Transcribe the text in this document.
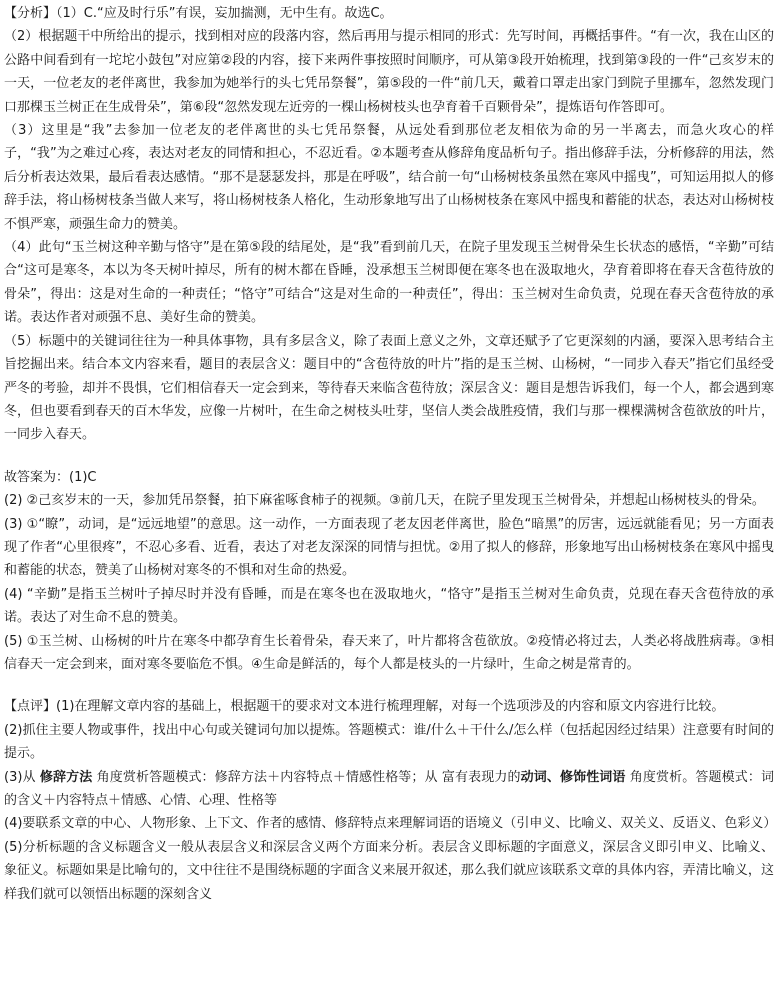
【分析】（1）C.“应及时行乐”有误，妄加揣测，无中生有。故选C。

（2）根据题干中所给出的提示，找到相对应的段落内容，然后再用与提示相同的形式：先写时间，再概括事件。“有一次，我在山区的公路中间看到有一坨坨小鼓包”对应第②段的内容，接下来两件事按照时间顺序，可从第③段开始梳理，找到第③段的一件“己亥岁末的一天，一位老友的老伴离世，我参加为她举行的头七凭吊祭餐”，第⑤段的一件“前几天，戴着口罩走出家门到院子里挪车，忽然发现门口那棵玉兰树正在生成骨朵”，第⑥段“忽然发现左近旁的一棵山杨树枝头也孕育着千百颗骨朵”，提炼语句作答即可。

（3）这里是“我”去参加一位老友的老伴离世的头七凭吊祭餐，从远处看到那位老友相依为命的另一半离去，而急火攻心的样子，“我”为之难过心疼，表达对老友的同情和担心，不忍近看。②本题考查从修辞角度品析句子。指出修辞手法，分析修辞的用法，然后分析表达效果，最后看表达感情。“那不是瑟瑟发抖，那是在呼吸”，结合前一句“山杨树枝条虽然在寒风中摇曳”，可知运用拟人的修辞手法，将山杨树枝条当做人来写，将山杨树枝条人格化，生动形象地写出了山杨树枝条在寒风中摇曳和蓄能的状态，表达对山杨树枝不惧严寒，顽强生命力的赞美。

（4）此句“玉兰树这种辛勤与恪守”是在第⑤段的结尾处，是“我”看到前几天，在院子里发现玉兰树骨朵生长状态的感悟，“辛勤”可结合“这可是寒冬，本以为冬天树叶掉尽，所有的树木都在昏睡，没承想玉兰树即便在寒冬也在汲取地火，孕育着即将在春天含苞待放的骨朵”，得出：这是对生命的一种责任；“恪守”可结合“这是对生命的一种责任”，得出：玉兰树对生命负责，兑现在春天含苞待放的承诺。表达作者对顽强不息、美好生命的赞美。

（5）标题中的关键词往往为一种具体事物，具有多层含义，除了表面上意义之外，文章还赋予了它更深刻的内涵，要深入思考结合主旨挖掘出来。结合本文内容来看，题目的表层含义：题目中的“含苞待放的叶片”指的是玉兰树、山杨树，“一同步入春天”指它们虽经受严冬的考验，却并不畏惧，它们相信春天一定会到来，等待春天来临含苞待放；深层含义：题目是想告诉我们，每一个人，都会遇到寒冬，但也要看到春天的百木华发，应像一片树叶，在生命之树枝头吐芽，坚信人类会战胜疫情，我们与那一棵棵满树含苞欲放的叶片，一同步入春天。

故答案为：(1)C

(2) ②己亥岁末的一天，参加凭吊祭餐，拍下麻雀啄食柿子的视频。③前几天，在院子里发现玉兰树骨朵，并想起山杨树枝头的骨朵。

(3) ①“瞭”，动词，是“远远地望”的意思。这一动作，一方面表现了老友因老伴离世，脸色“暗黑”的厉害，远远就能看见；另一方面表现了作者“心里很疼”，不忍心多看、近看，表达了对老友深深的同情与担忧。②用了拟人的修辞，形象地写出山杨树枝条在寒风中摇曳和蓄能的状态，赞美了山杨树对寒冬的不惧和对生命的热爱。

(4) “辛勤”是指玉兰树叶子掉尽时并没有昏睡，而是在寒冬也在汲取地火，“恪守”是指玉兰树对生命负责，兑现在春天含苞待放的承诺。表达了对生命不息的赞美。

(5) ①玉兰树、山杨树的叶片在寒冬中都孕育生长着骨朵，春天来了，叶片都将含苞欲放。②疫情必将过去，人类必将战胜病毒。③相信春天一定会到来，面对寒冬要临危不惧。④生命是鲜活的，每个人都是枝头的一片绿叶，生命之树是常青的。

【点评】(1)在理解文章内容的基础上，根据题干的要求对文本进行梳理理解，对每一个选项涉及的内容和原文内容进行比较。

(2)抓住主要人物或事件，找出中心句或关键词句加以提炼。答题模式：谁/什么＋干什么/怎么样（包括起因经过结果）注意要有时间的提示。

(3)从 修辞方法 角度赏析答题模式：修辞方法＋内容特点＋情感性格等；从 富有表现力的动词、修饰性词语 角度赏析。答题模式：词的含义＋内容特点＋情感、心情、心理、性格等

(4)要联系文章的中心、人物形象、上下文、作者的感情、修辞特点来理解词语的语境义（引申义、比喻义、双关义、反语义、色彩义）

(5)分析标题的含义标题含义一般从表层含义和深层含义两个方面来分析。表层含义即标题的字面意义，深层含义即引申义、比喻义、象征义。标题如果是比喻句的，文中往往不是围绕标题的字面含义来展开叙述，那么我们就应该联系文章的具体内容，弄清比喻义，这样我们就可以领悟出标题的深刻含义
